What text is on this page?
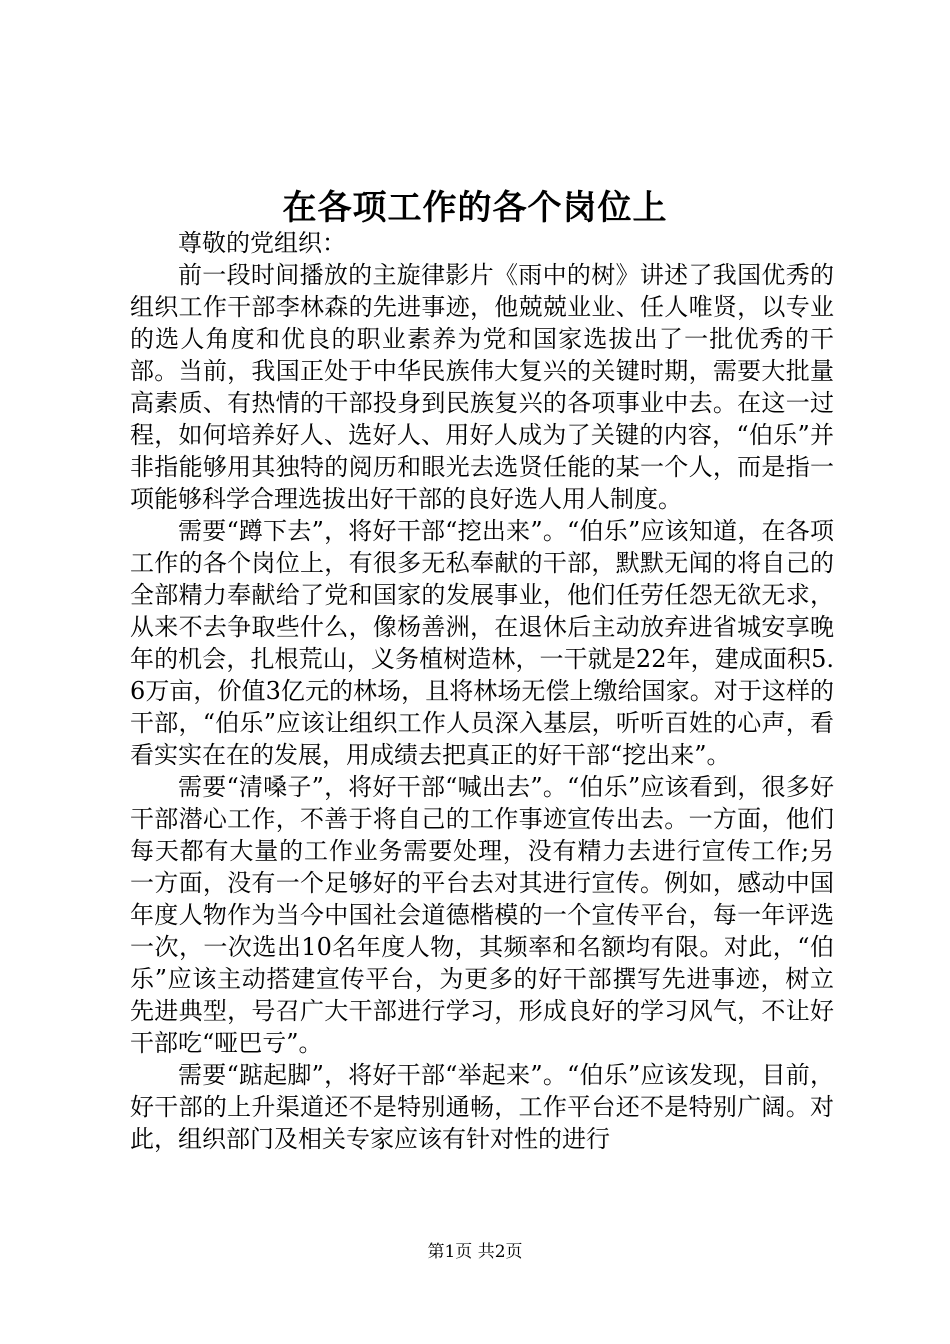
在各项工作的各个岗位上

尊敬的党组织：

前一段时间播放的主旋律影片《雨中的树》讲述了我国优秀的组织工作干部李林森的先进事迹，他兢兢业业、任人唯贤，以专业的选人角度和优良的职业素养为党和国家选拔出了一批优秀的干部。当前，我国正处于中华民族伟大复兴的关键时期，需要大批量高素质、有热情的干部投身到民族复兴的各项事业中去。在这一过程，如何培养好人、选好人、用好人成为了关键的内容，“伯乐”并非指能够用其独特的阅历和眼光去选贤任能的某一个人，而是指一项能够科学合理选拔出好干部的良好选人用人制度。

需要“蹲下去”，将好干部“挖出来”。“伯乐”应该知道，在各项工作的各个岗位上，有很多无私奉献的干部，默默无闻的将自己的全部精力奉献给了党和国家的发展事业，他们任劳任怨无欲无求，从来不去争取些什么，像杨善洲，在退休后主动放弃进省城安享晚年的机会，扎根荒山，义务植树造林，一干就是22年，建成面积5.6万亩，价值3亿元的林场，且将林场无偿上缴给国家。对于这样的干部，“伯乐”应该让组织工作人员深入基层，听听百姓的心声，看看实实在在的发展，用成绩去把真正的好干部“挖出来”。

需要“清嗓子”，将好干部“喊出去”。“伯乐”应该看到，很多好干部潜心工作，不善于将自己的工作事迹宣传出去。一方面，他们每天都有大量的工作业务需要处理，没有精力去进行宣传工作;另一方面，没有一个足够好的平台去对其进行宣传。例如，感动中国年度人物作为当今中国社会道德楷模的一个宣传平台，每一年评选一次，一次选出10名年度人物，其频率和名额均有限。对此，“伯乐”应该主动搭建宣传平台，为更多的好干部撰写先进事迹，树立先进典型，号召广大干部进行学习，形成良好的学习风气，不让好干部吃“哑巴亏”。

需要“踮起脚”，将好干部“举起来”。“伯乐”应该发现，目前，好干部的上升渠道还不是特别通畅，工作平台还不是特别广阔。对此，组织部门及相关专家应该有针对性的进行

第1页 共2页
